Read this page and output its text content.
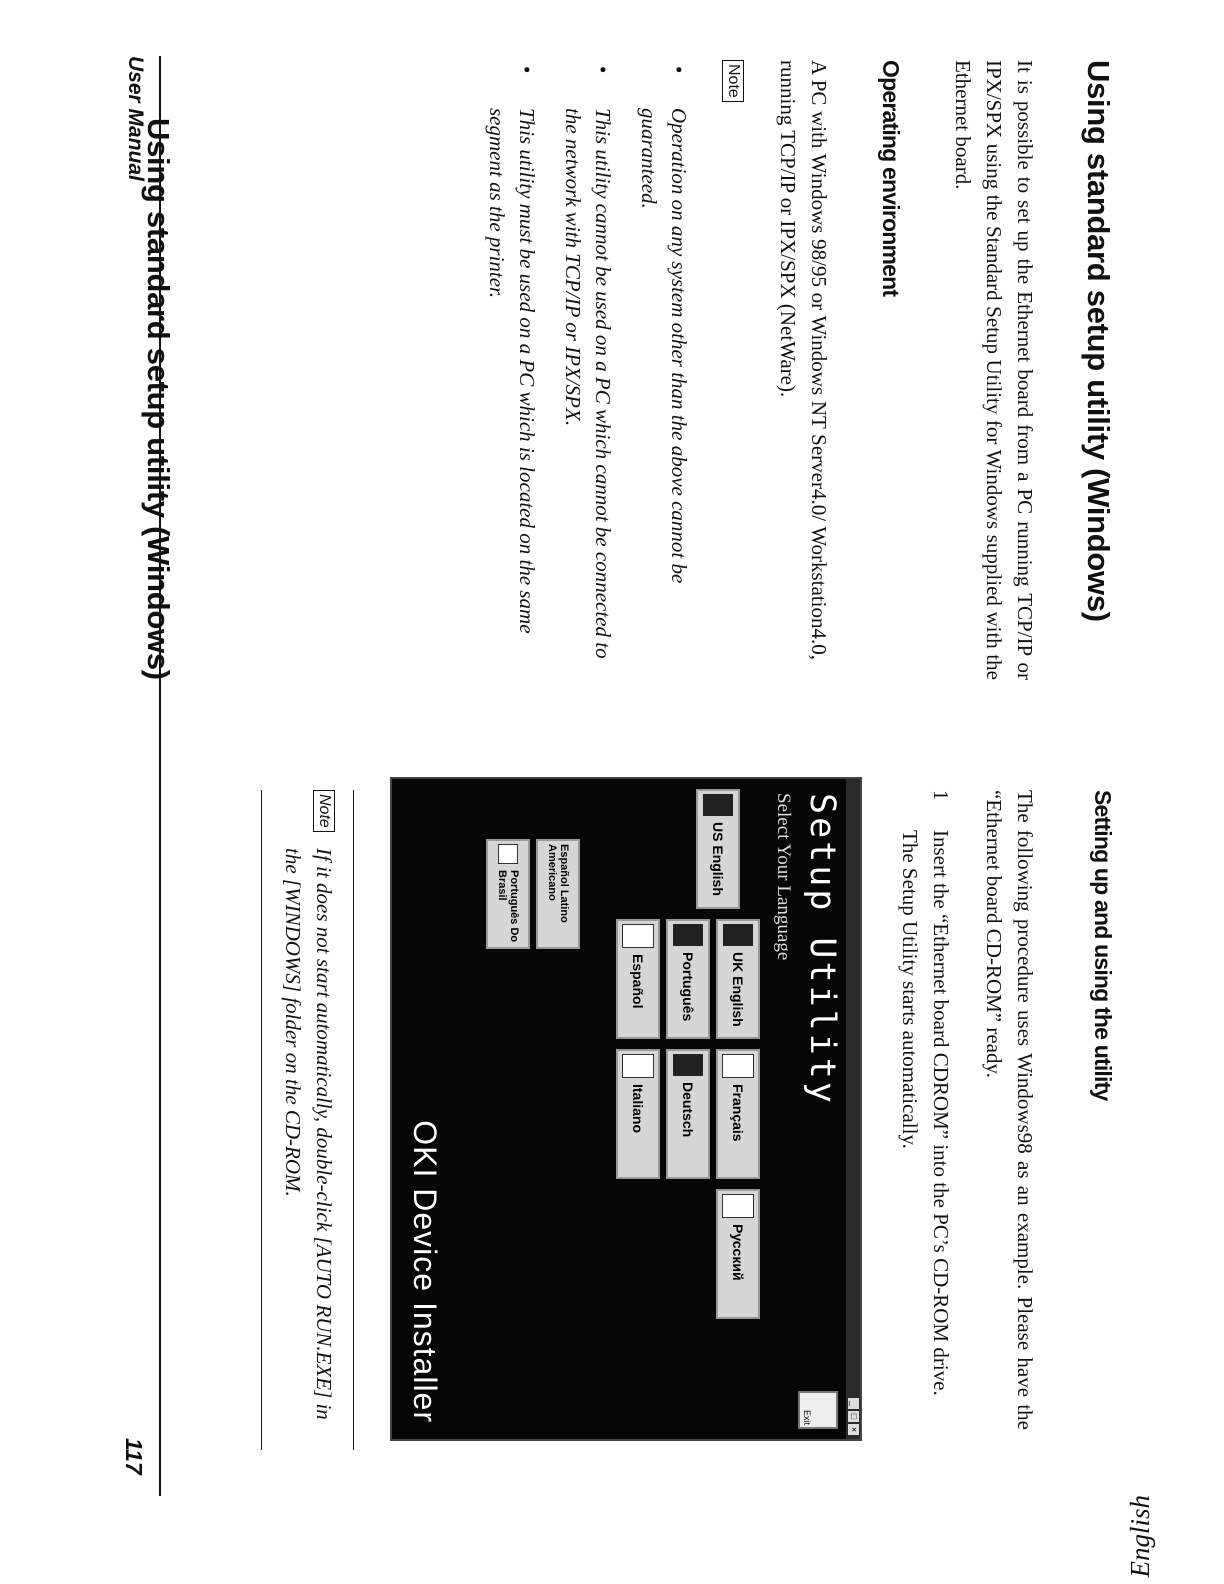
Using standard setup utility (Windows)	Using standard setup utility (Windows)

It is possible to set up the Ethernet board from a PC running TCP/IP or IPX/SPX using the Standard Setup Utility for Windows supplied with the Ethernet board.

Operating environment

A PC with Windows 98/95 or Windows NT Server4.0/ Workstation4.0, running TCP/IP or IPX/SPX (NetWare).

Note
•
Operation on any system other than the above cannot be guaranteed.
•
This utility cannot be used on a PC which cannot be connected to the network with TCP/IP or IPX/SPX.
•
This utility must be used on a PC which is located on the same segment as the printer.
Setting up and using the utility

The following procedure uses Windows98 as an example. Please have the “Ethernet board CD-ROM” ready.

1
Insert the “Ethernet board CDROM” into the PC’s CD-ROM drive. The Setup Utility starts automatically.
_
□
×
Setup Utility
Select Your Language
Exit
US English
UK English
Français
Русский
Português
Deutsch
Español
Italiano
Español Latino Americano
Português Do Brasil
OKI Device Installer
Note
If it does not start automatically, double-click [AUTO RUN.EXE] in the [WINDOWS] folder on the CD-ROM.
User Manual
117
English
